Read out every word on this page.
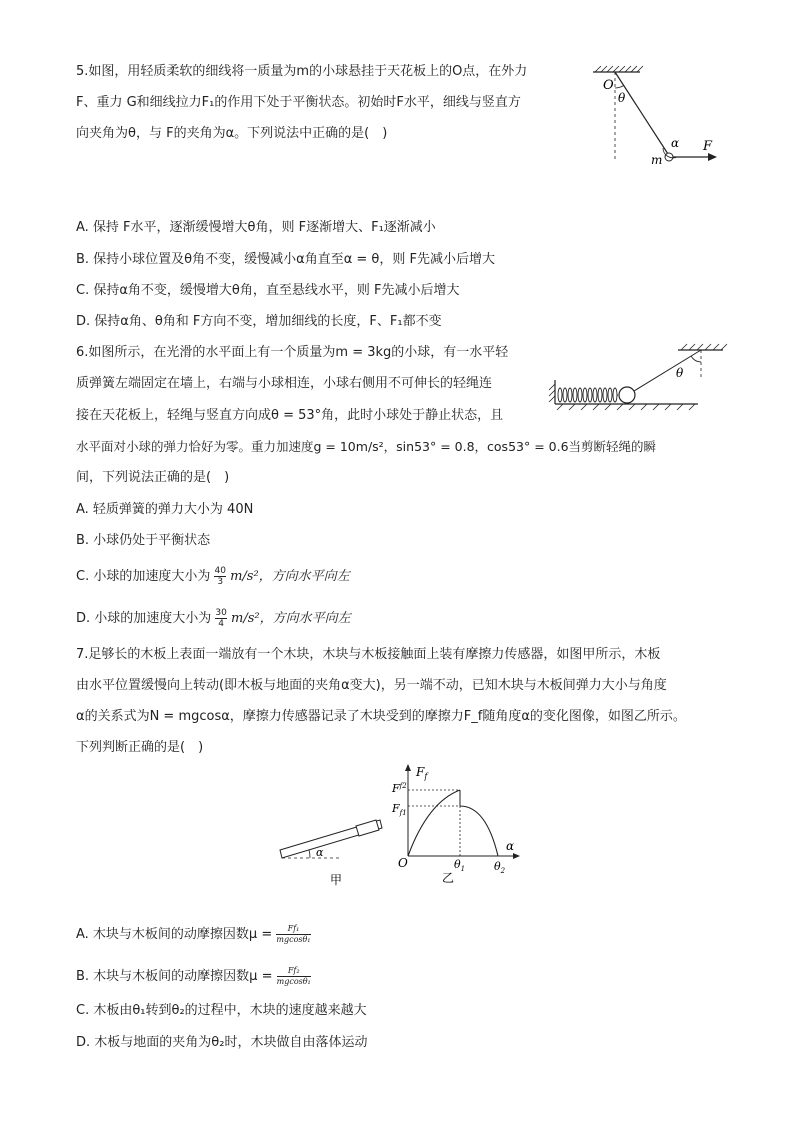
5.如图，用轻质柔软的细线将一质量为m的小球悬挂于天花板上的O点，在外力
F、重力 G和细线拉力F₁的作用下处于平衡状态。初始时F水平，细线与竖直方
向夹角为θ，与 F的夹角为α。下列说法中正确的是(　)
O
θ
α
m
F
A. 保持 F水平，逐渐缓慢增大θ角，则 F逐渐增大、F₁逐渐减小
B. 保持小球位置及θ角不变，缓慢减小α角直至α = θ，则 F先减小后增大
C. 保持α角不变，缓慢增大θ角，直至悬线水平，则 F先减小后增大
D. 保持α角、θ角和 F方向不变，增加细线的长度，F、F₁都不变
6.如图所示，在光滑的水平面上有一个质量为m = 3kg的小球，有一水平轻
质弹簧左端固定在墙上，右端与小球相连，小球右侧用不可伸长的轻绳连
接在天花板上，轻绳与竖直方向成θ = 53°角，此时小球处于静止状态，且
水平面对小球的弹力恰好为零。重力加速度g = 10m/s²，sin53° = 0.8，cos53° = 0.6当剪断轻绳的瞬
间，下列说法正确的是(　)
θ
A. 轻质弹簧的弹力大小为 40N
B. 小球仍处于平衡状态
C. 小球的加速度大小为 $\frac{40}{3} m/s^2$，方向水平向左
D. 小球的加速度大小为 $\frac{30}{4} m/s^2$，方向水平向左
7.足够长的木板上表面一端放有一个木块，木块与木板接触面上装有摩擦力传感器，如图甲所示，木板
由水平位置缓慢向上转动(即木板与地面的夹角α变大)，另一端不动，已知木块与木板间弹力大小与角度
α的关系式为N = mgcosα，摩擦力传感器记录了木块受到的摩擦力F_f随角度α的变化图像，如图乙所示。
下列判断正确的是(　)
α
甲
$F_f$
$F^{f2}$
$F_{f1}$
O	$\theta_1$	$\theta_2$
α
乙
A. 木块与木板间的动摩擦因数$\mu = \frac{\text{Ff₁}}{\text{mgcosθ₁}}$
B. 木块与木板间的动摩擦因数$\mu = \frac{\text{Ff₂}}{\text{mgcosθ₁}}$
C. 木板由θ₁转到θ₂的过程中，木块的速度越来越大
D. 木板与地面的夹角为θ₂时，木块做自由落体运动
